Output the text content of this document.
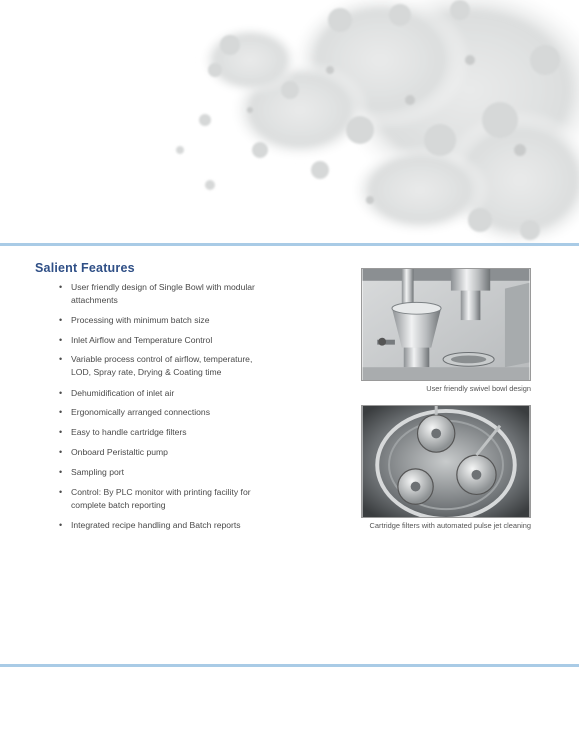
Salient Features
• User friendly design of Single Bowl with modular attachments
• Processing with minimum batch size
• Inlet Airflow and Temperature Control
• Variable process control of airflow, temperature, LOD, Spray rate, Drying & Coating time
• Dehumidification of inlet air
• Ergonomically arranged connections
• Easy to handle cartridge filters
• Onboard Peristaltic pump
• Sampling port
• Control: By PLC monitor with printing facility for complete batch reporting
• Integrated recipe handling and Batch reports
User friendly swivel bowl design
Cartridge filters with automated pulse jet cleaning
